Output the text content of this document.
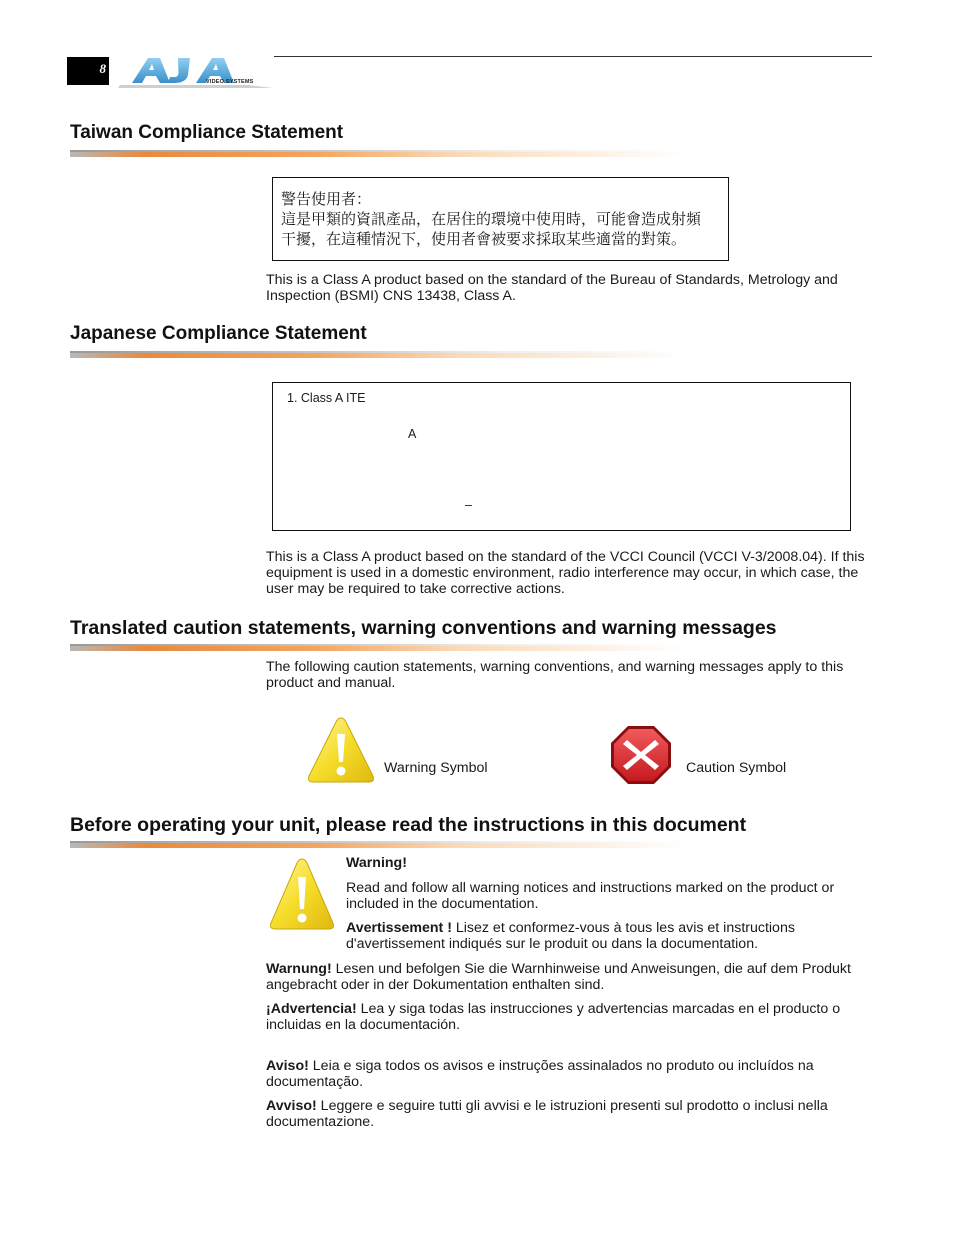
8
VIDEO SYSTEMS
Taiwan Compliance Statement
警告使用者：
這是甲類的資訊產品，在居住的環境中使用時，可能會造成射頻
干擾，在這種情況下，使用者會被要求採取某些適當的對策。

This is a Class A product based on the standard of the Bureau of Standards, Metrology and Inspection (BSMI) CNS 13438, Class A.

Japanese Compliance Statement
1. Class A ITE
A
–

This is a Class A product based on the standard of the VCCI Council (VCCI V-3/2008.04). If this equipment is used in a domestic environment, radio interference may occur, in which case, the user may be required to take corrective actions.

Translated caution statements, warning conventions and warning messages

The following caution statements, warning conventions, and warning messages apply to this product and manual.

Warning Symbol	Caution Symbol
Before operating your unit, please read the instructions in this document

Warning!

Read and follow all warning notices and instructions marked on the product or included in the documentation.

Avertissement ! Lisez et conformez-vous à tous les avis et instructions d'avertissement indiqués sur le produit ou dans la documentation.

Warnung! Lesen und befolgen Sie die Warnhinweise und Anweisungen, die auf dem Produkt angebracht oder in der Dokumentation enthalten sind.

¡Advertencia! Lea y siga todas las instrucciones y advertencias marcadas en el producto o incluidas en la documentación.

Aviso! Leia e siga todos os avisos e instruções assinalados no produto ou incluídos na documentação.

Avviso! Leggere e seguire tutti gli avvisi e le istruzioni presenti sul prodotto o inclusi nella documentazione.
